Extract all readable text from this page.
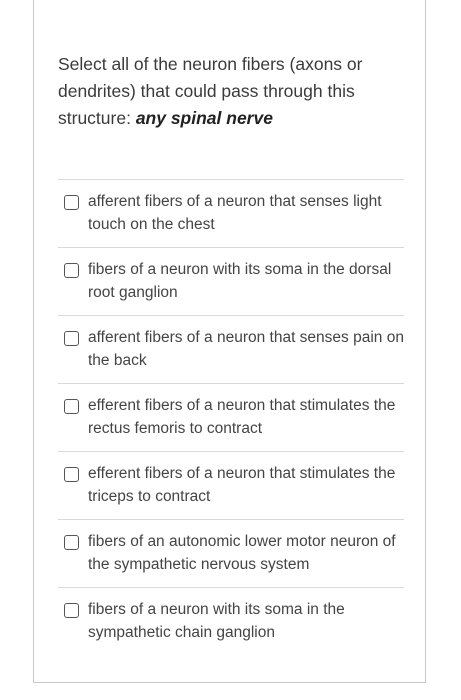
Select all of the neuron fibers (axons or dendrites) that could pass through this structure: any spinal nerve
afferent fibers of a neuron that senses light touch on the chest
fibers of a neuron with its soma in the dorsal root ganglion
afferent fibers of a neuron that senses pain on the back
efferent fibers of a neuron that stimulates the rectus femoris to contract
efferent fibers of a neuron that stimulates the triceps to contract
fibers of an autonomic lower motor neuron of the sympathetic nervous system
fibers of a neuron with its soma in the sympathetic chain ganglion
